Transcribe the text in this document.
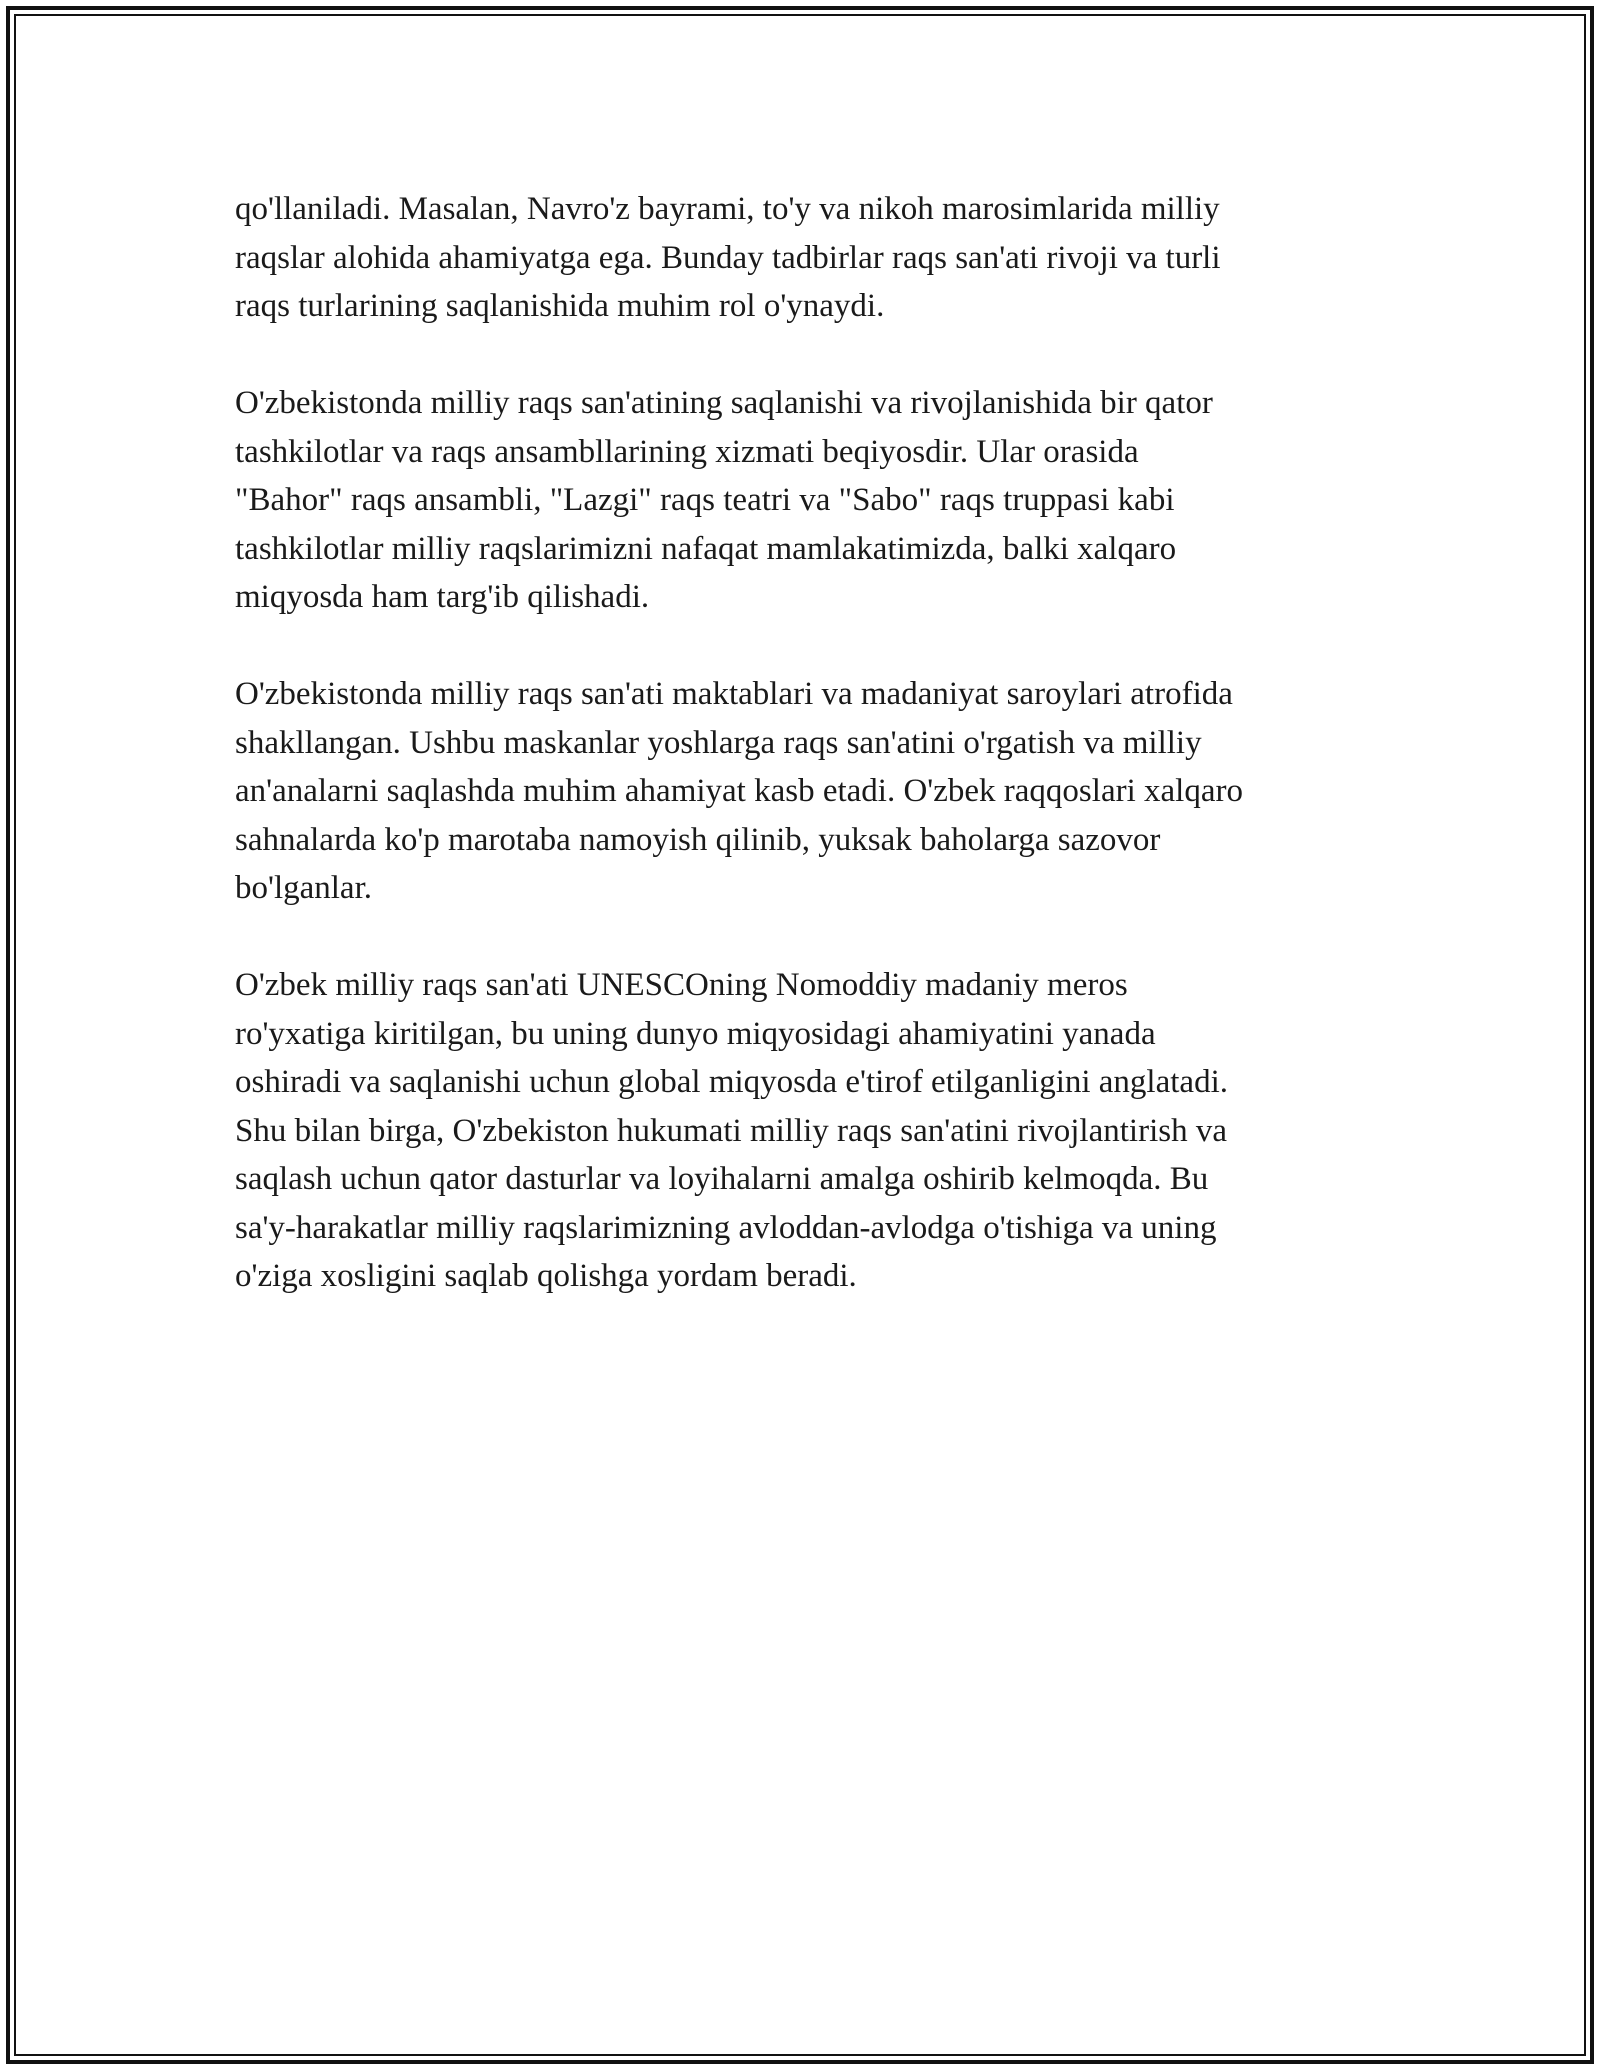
qo'llaniladi. Masalan, Navro'z bayrami, to'y va nikoh marosimlarida milliy
raqslar alohida ahamiyatga ega. Bunday tadbirlar raqs san'ati rivoji va turli
raqs turlarining saqlanishida muhim rol o'ynaydi.

O'zbekistonda milliy raqs san'atining saqlanishi va rivojlanishida bir qator
tashkilotlar va raqs ansambllarining xizmati beqiyosdir. Ular orasida
"Bahor" raqs ansambli, "Lazgi" raqs teatri va "Sabo" raqs truppasi kabi
tashkilotlar milliy raqslarimizni nafaqat mamlakatimizda, balki xalqaro
miqyosda ham targ'ib qilishadi.

O'zbekistonda milliy raqs san'ati maktablari va madaniyat saroylari atrofida
shakllangan. Ushbu maskanlar yoshlarga raqs san'atini o'rgatish va milliy
an'analarni saqlashda muhim ahamiyat kasb etadi. O'zbek raqqoslari xalqaro
sahnalarda ko'p marotaba namoyish qilinib, yuksak baholarga sazovor
bo'lganlar.

O'zbek milliy raqs san'ati UNESCOning Nomoddiy madaniy meros
ro'yxatiga kiritilgan, bu uning dunyo miqyosidagi ahamiyatini yanada
oshiradi va saqlanishi uchun global miqyosda e'tirof etilganligini anglatadi.
Shu bilan birga, O'zbekiston hukumati milliy raqs san'atini rivojlantirish va
saqlash uchun qator dasturlar va loyihalarni amalga oshirib kelmoqda. Bu
sa'y-harakatlar milliy raqslarimizning avloddan-avlodga o'tishiga va uning
o'ziga xosligini saqlab qolishga yordam beradi.
